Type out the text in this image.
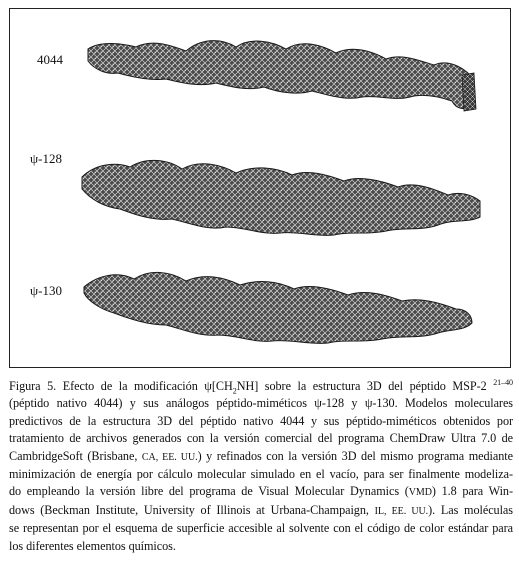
4044
ψ-128
ψ-130
Figura 5. Efecto de la modificación $\psi[CH_2NH]$ sobre la estructura 3D del péptido MSP-2 $^{21-40}$
(péptido nativo 4044) y sus análogos péptido-miméticos ψ-128 y ψ-130. Modelos moleculares
predictivos de la estructura 3D del péptido nativo 4044 y sus péptido-miméticos obtenidos por
tratamiento de archivos generados con la versión comercial del programa ChemDraw Ultra 7.0 de
CambridgeSoft (Brisbane, CA, EE. UU.) y refinados con la versión 3D del mismo programa mediante
minimización de energía por cálculo molecular simulado en el vacío, para ser finalmente modeliza-
do empleando la versión libre del programa de Visual Molecular Dynamics (VMD) 1.8 para Win-
dows (Beckman Institute, University of Illinois at Urbana-Champaign, IL, EE. UU.). Las moléculas
se representan por el esquema de superficie accesible al solvente con el código de color estándar para
los diferentes elementos químicos.
